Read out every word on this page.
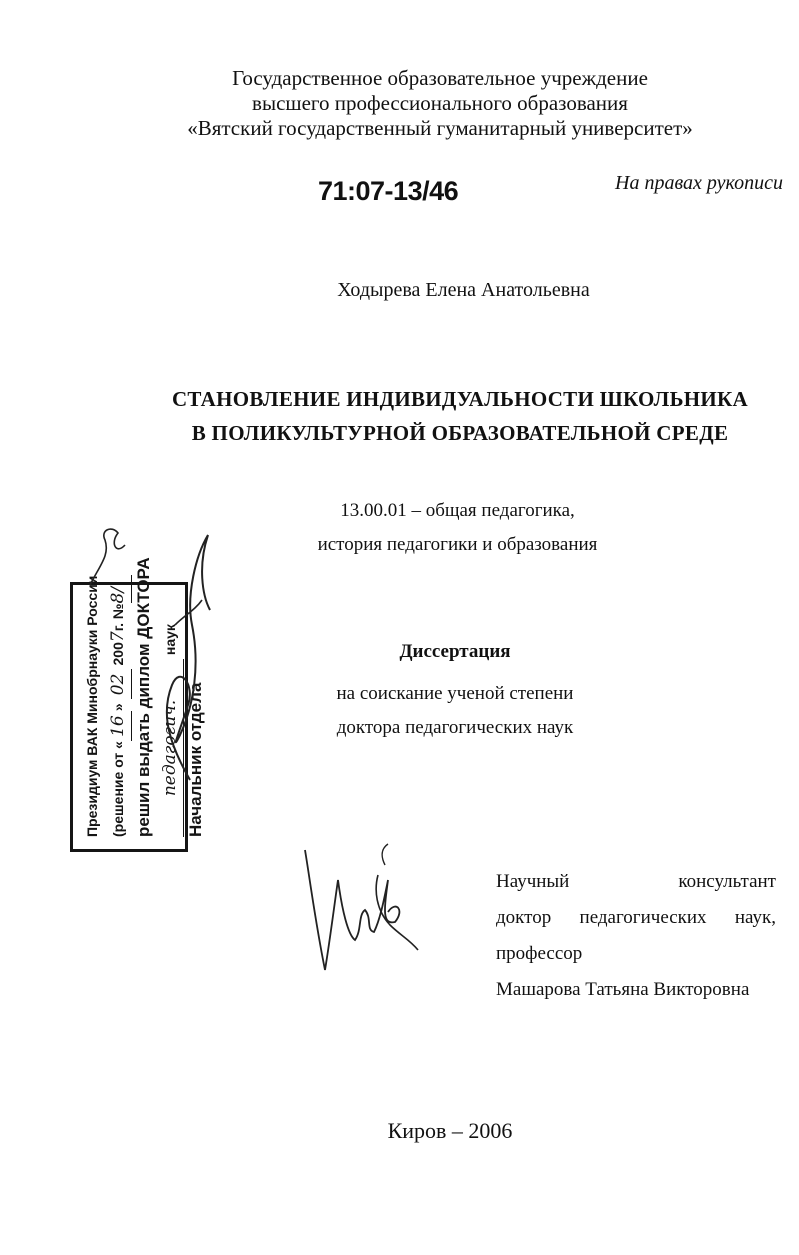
Государственное образовательное учреждение
высшего профессионального образования
«Вятский государственный гуманитарный университет»
71:07-13/46	На правах рукописи
Ходырева Елена Анатольевна
СТАНОВЛЕНИЕ ИНДИВИДУАЛЬНОСТИ ШКОЛЬНИКА
В ПОЛИКУЛЬТУРНОЙ ОБРАЗОВАТЕЛЬНОЙ СРЕДЕ
13.00.01 – общая педагогика,
история педагогики и образования
Диссертация
на соискание ученой степени
доктора педагогических наук
Научный	консультант
доктор педагогических наук,
профессор
Машарова Татьяна Викторовна
Киров – 2006
Президиум ВАК Минобрнауки России (решение от «16» 02 2007г. №8/ решил выдать диплом ДОКТОРА педагогич. наук
Начальник отдела
